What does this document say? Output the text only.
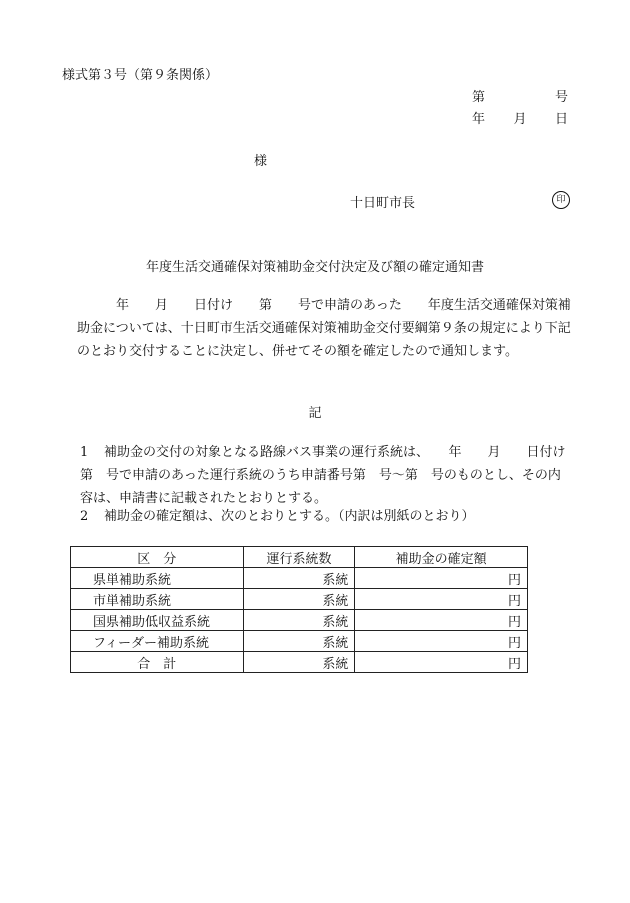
様式第３号（第９条関係）
第	号
年 月 日
様
十日町市長	印
年度生活交通確保対策補助金交付決定及び額の確定通知書
　　　年　　月　　日付け　　第　　号で申請のあった　　年度生活交通確保対策補助金については、十日町市生活交通確保対策補助金交付要綱第９条の規定により下記のとおり交付することに決定し、併せてその額を確定したので通知します。
記
1 補助金の交付の対象となる路線バス事業の運行系統は、　　年　　月　　日付け　　第　号で申請のあった運行系統のうち申請番号第　号～第　号のものとし、その内容は、申請書に記載されたとおりとする。
2 補助金の確定額は、次のとおりとする。（内訳は別紙のとおり）
区　分	運行系統数	補助金の確定額
県単補助系統	系統	円
市単補助系統	系統	円
国県補助低収益系統	系統	円
フィーダー補助系統	系統	円
合　計	系統	円
